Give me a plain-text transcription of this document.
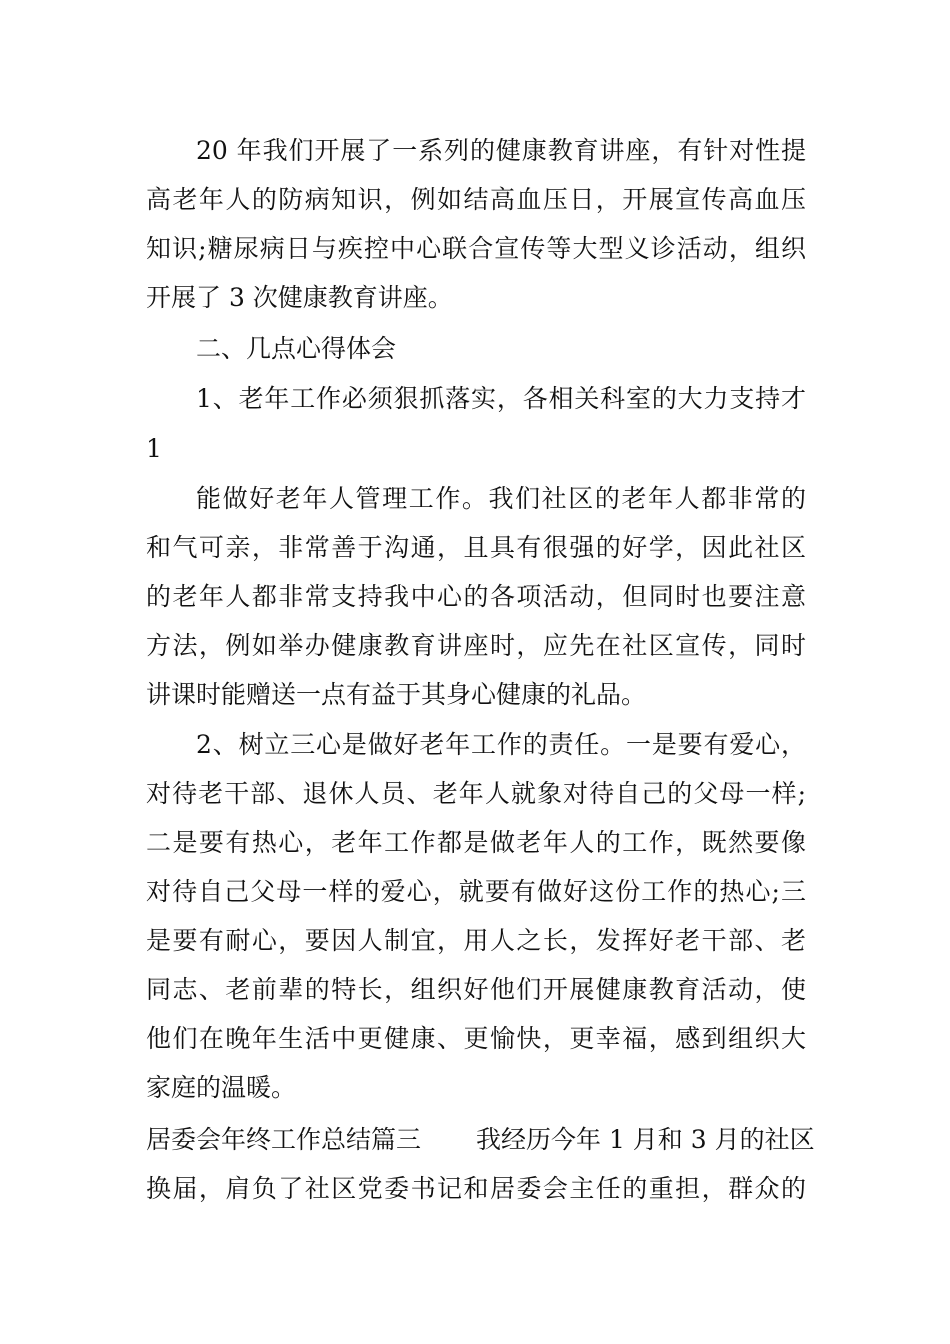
20 年我们开展了一系列的健康教育讲座，有针对性提
高老年人的防病知识，例如结高血压日，开展宣传高血压
知识;糖尿病日与疾控中心联合宣传等大型义诊活动，组织
开展了 3 次健康教育讲座。
二、几点心得体会
1、老年工作必须狠抓落实，各相关科室的大力支持才
1
能做好老年人管理工作。我们社区的老年人都非常的
和气可亲，非常善于沟通，且具有很强的好学，因此社区
的老年人都非常支持我中心的各项活动，但同时也要注意
方法，例如举办健康教育讲座时，应先在社区宣传，同时
讲课时能赠送一点有益于其身心健康的礼品。
2、树立三心是做好老年工作的责任。一是要有爱心，
对待老干部、退休人员、老年人就象对待自己的父母一样;
二是要有热心，老年工作都是做老年人的工作，既然要像
对待自己父母一样的爱心，就要有做好这份工作的热心;三
是要有耐心，要因人制宜，用人之长，发挥好老干部、老
同志、老前辈的特长，组织好他们开展健康教育活动，使
他们在晚年生活中更健康、更愉快，更幸福，感到组织大
家庭的温暖。
居委会年终工作总结篇三 我经历今年 1 月和 3 月的社区
换届，肩负了社区党委书记和居委会主任的重担，群众的
